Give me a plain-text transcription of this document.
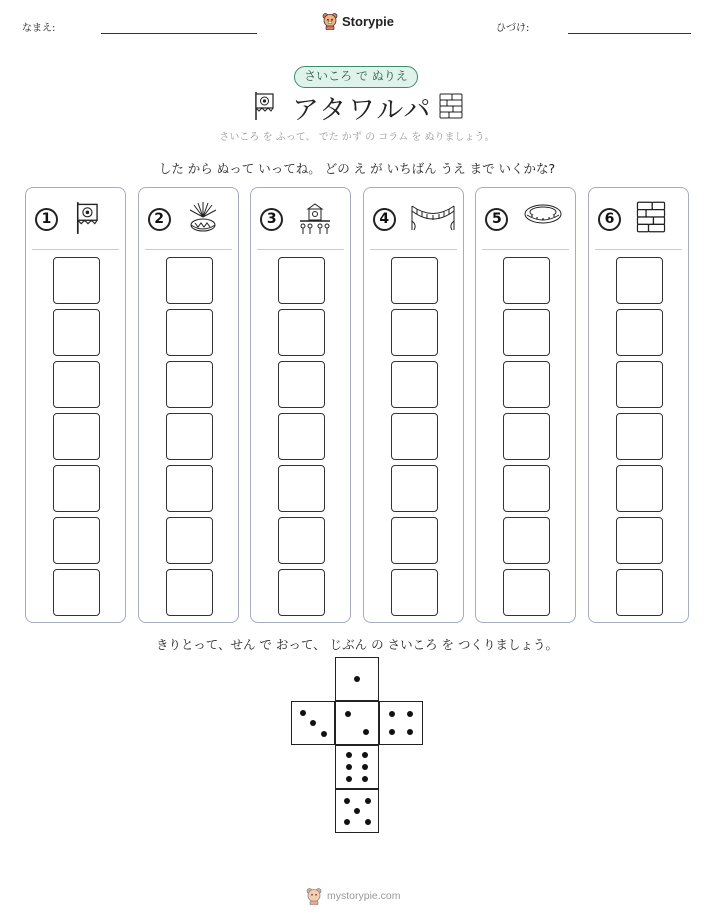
なまえ:	Storypie	ひづけ:
さいころ で ぬりえ
アタワルパ
さいころ を ふって、 でた かず の コラム を ぬりましょう。
した から ぬって いってね。 どの え が いちばん うえ まで いくかな?
1	2	3	4	5	6
きりとって、せん で おって、 じぶん の さいころ を つくりましょう。
mystorypie.com
